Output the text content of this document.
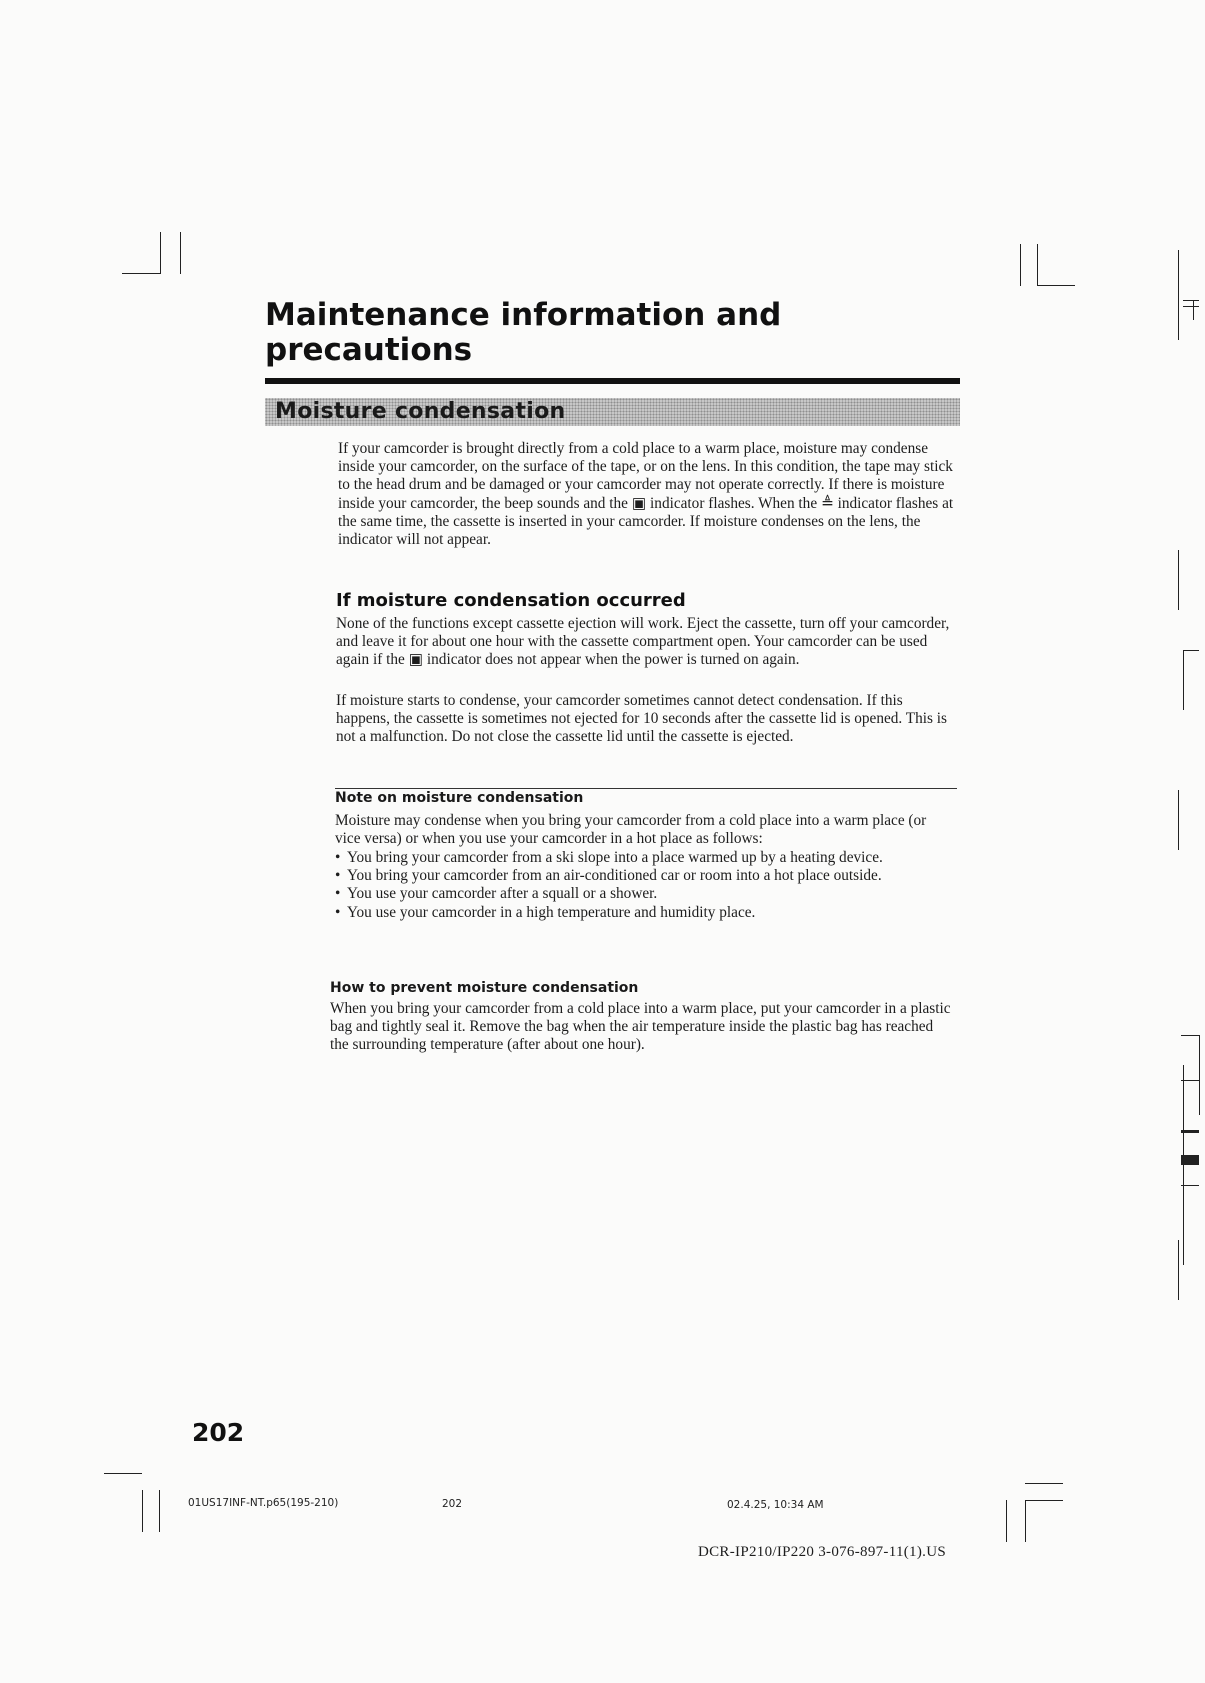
Maintenance information and precautions
Moisture condensation

If your camcorder is brought directly from a cold place to a warm place, moisture may condense inside your camcorder, on the surface of the tape, or on the lens. In this condition, the tape may stick to the head drum and be damaged or your camcorder may not operate correctly. If there is moisture inside your camcorder, the beep sounds and the ▣ indicator flashes. When the ≜ indicator flashes at the same time, the cassette is inserted in your camcorder. If moisture condenses on the lens, the indicator will not appear.

If moisture condensation occurred

None of the functions except cassette ejection will work. Eject the cassette, turn off your camcorder, and leave it for about one hour with the cassette compartment open. Your camcorder can be used again if the ▣ indicator does not appear when the power is turned on again.

If moisture starts to condense, your camcorder sometimes cannot detect condensation. If this happens, the cassette is sometimes not ejected for 10 seconds after the cassette lid is opened. This is not a malfunction. Do not close the cassette lid until the cassette is ejected.

Note on moisture condensation

Moisture may condense when you bring your camcorder from a cold place into a warm place (or vice versa) or when you use your camcorder in a hot place as follows:

• You bring your camcorder from a ski slope into a place warmed up by a heating device.
• You bring your camcorder from an air-conditioned car or room into a hot place outside.
• You use your camcorder after a squall or a shower.
• You use your camcorder in a high temperature and humidity place.
How to prevent moisture condensation

When you bring your camcorder from a cold place into a warm place, put your camcorder in a plastic bag and tightly seal it. Remove the bag when the air temperature inside the plastic bag has reached the surrounding temperature (after about one hour).

202

01US17INF-NT.p65(195-210)	202	02.4.25, 10:34 AM
DCR-IP210/IP220 3-076-897-11(1).US
